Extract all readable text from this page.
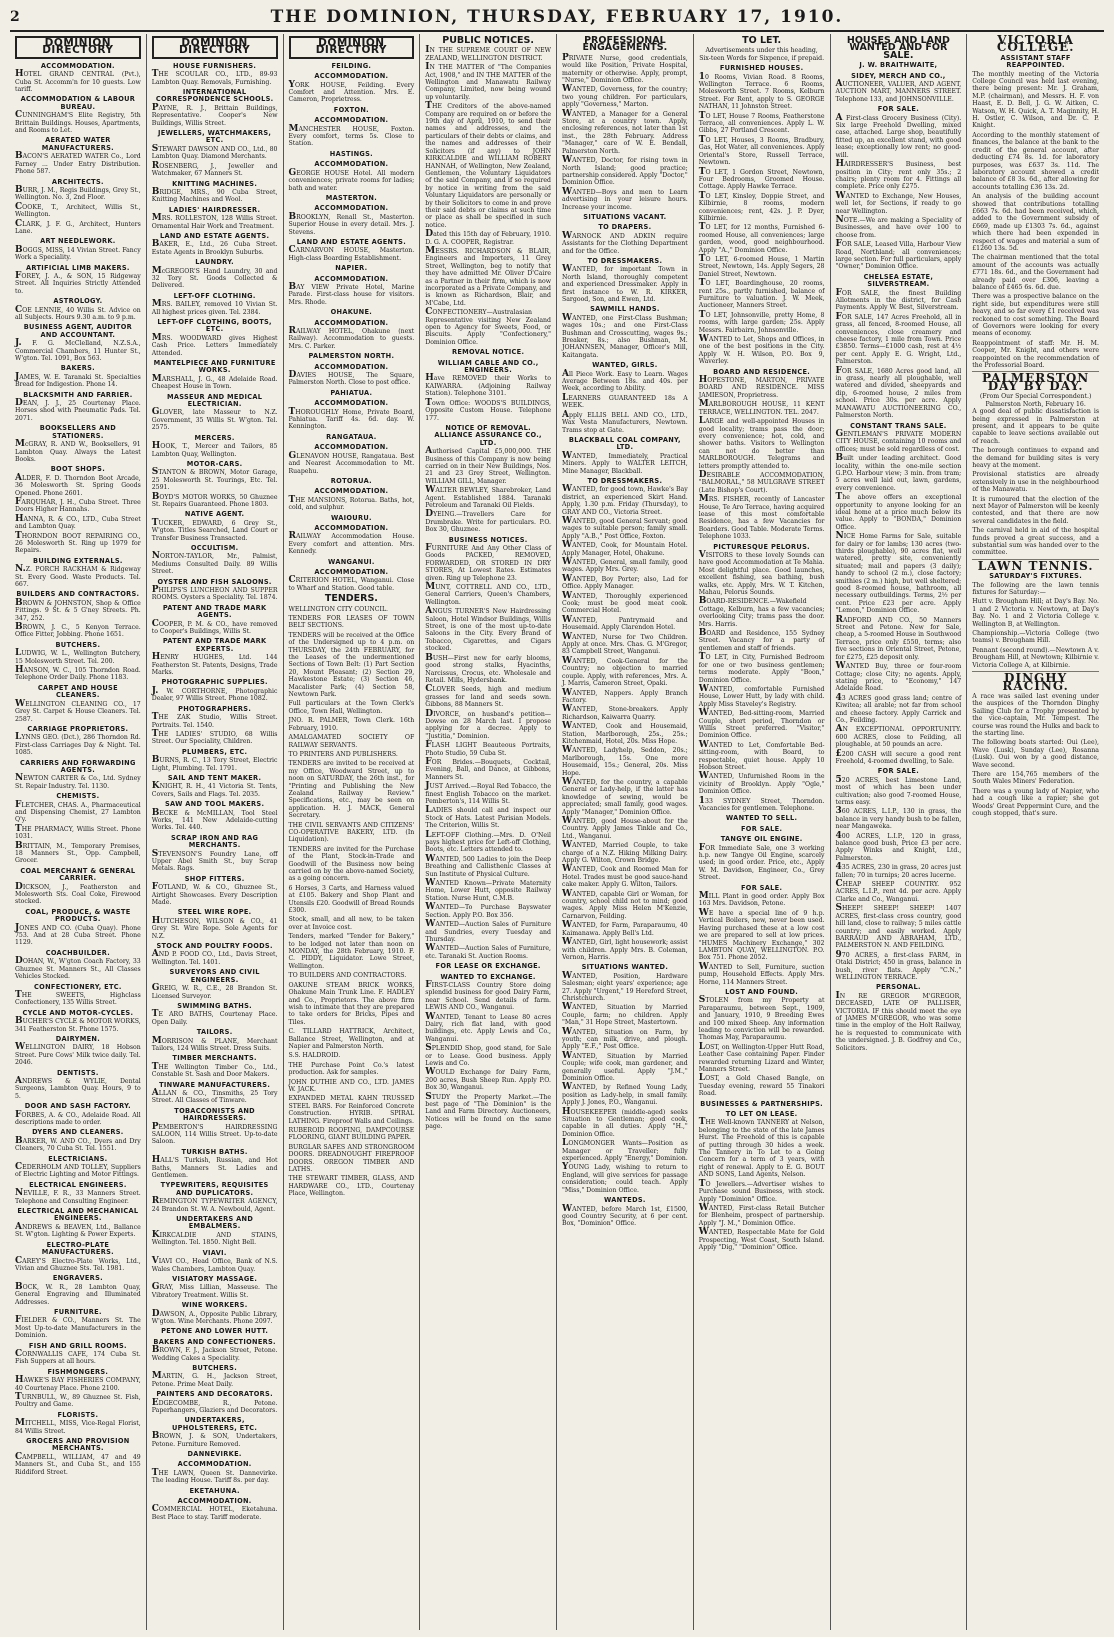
2	THE DOMINION, THURSDAY, FEBRUARY 17, 1910.
DOMINION DIRECTORY
ACCOMMODATION.
HOTEL GRAND CENTRAL (Pvt.), Cuba St. Accomm'n for 10 guests. Low tariff.
ACCOMMODATION & LABOUR BUREAU.
CUNNINGHAM'S Elite Registry, 5th Brittain Buildings. Houses, Apartments, and Rooms to Let.
AERATED WATER MANUFACTURERS.
BACON'S AERATED WATER Co., Lord Farney ... Under Entry Distribution. Phone 587.
ARCHITECTS.
BURR, J. M., Regis Buildings, Grey St., Wellington. No. 3, 2nd Floor.
COOKE, T., Architect, Willis St., Wellington.
CLARK, J. F. G., Architect, Hunters Lane.
ART NEEDLEWORK.
BOGGS, MISS, 14 Vivian Street. Fancy Work a Speciality.
ARTIFICIAL LIMB MAKERS.
FOREY, J. A., & SON, 15 Ridgeway Street. All Inquiries Strictly Attended to.
ASTROLOGY.
COE LENNIE, 40 Willis St. Advice on all Subjects. Hours 9.30 a.m. to 9 p.m.
BUSINESS AGENT, AUDITOR AND ACCOUNTANT.
J. F. G. McClelland, N.Z.S.A., Commercial Chambers, 11 Hunter St., W'gton. Tel. 1091, Box 563.
BAKERS.
JAMES, W. E. Taranaki St. Specialties Bread for Indigestion. Phone 14.
BLACKSMITH AND FARRIER.
DEAN, J. J., 25 Courtenay Place. Horses shod with Pneumatic Pads. Tel. 2071.
BOOKSELLERS AND STATIONERS.
McGRAY, R. AND W., Booksellers, 91 Lambton Quay. Always the Latest Books.
BOOT SHOPS.
ALDER, F. D. Thorndon Boot Arcade, 36 Molesworth St. Spring Goods Opened. Phone 2601.
FARQUHAR, J. H., Cuba Street. Three Doors Higher Hannahs.
HANNA, R. & CO., LTD., Cuba Street and Lambton Quay.
THORNDON BOOT REPAIRING CO., 26 Molesworth St. Ring up 1979 for Repairs.
BUILDING EXTERNALS.
N.Z. PORCH RACKHAM & Ridgeway St. Every Good. Waste Products. Tel. 667.
BUILDERS AND CONTRACTORS.
BROWN & JOHNSTON, Shop & Office Fittings. 9 St. & 5 G'ney Streets. Ph. 347, 252.
BROWN, J. C., 5 Kenyon Terrace. Office Fitter, Jobbing. Phone 1651.
BUTCHERS.
LUDWIG, W. L., Wellington Butchery, 15 Molesworth Street. Tel. 200.
HANSON, W. C., 105 Thorndon Road. Telephone Order Daily. Phone 1183.
CARPET AND HOUSE CLEANERS.
WELLINGTON CLEANING CO., 17 Grey St. Carpet & House Cleaners. Tel. 2587.
CARRIAGE PROPRIETORS.
LYNNS GEO. (Dct.), 286 Thorndon Rd. First-class Carriages Day & Night. Tel. 1085.
CARRIERS AND FORWARDING AGENTS.
NEWTON CARTER & Co., Ltd. Sydney St. Repair Industry. Tel. 1130.
CHEMISTS.
FLETCHER, CHAS. A., Pharmaceutical and Dispensing Chemist, 27 Lambton Q'y.
THE PHARMACY, Willis Street. Phone 1031.
BRITTAIN, M., Temporary Premises, 18 Manners St., Opp. Campbell, Grocer.
COAL MERCHANT & GENERAL CARRIER.
DICKSON, J., Featherston and Molesworth Sts. Coal Coke, Firewood stocked.
COAL, PRODUCE, & WASTE PRODUCTS.
JONES AND CO. (Cuba Quay). Phone 753. And at 28 Cuba Street. Phone 1129.
COACHBUILDER.
DOHAN, W., W'gton Coach Factory, 33 Ghuznee St. Manners St., All Classes Vehicles Stocked.
CONFECTIONERY, ETC.
THE SWEETS, Highclass Confectionery, 135 Willis Street.
CYCLE AND MOTOR-CYCLES.
BUCHER'S CYCLE & MOTOR WORKS, 341 Featherston St. Phone 1575.
DAIRYMEN.
WELLINGTON DAIRY, 18 Hobson Street. Pure Cows' Milk twice daily. Tel. 2046.
DENTISTS.
ANDREWS & WYLIE, Dental Surgeons, Lambton Quay. Hours, 9 to 5.
DOOR AND SASH FACTORY.
FORBES, A. & CO., Adelaide Road. All descriptions made to order.
DYERS AND CLEANERS.
BARKER, W. AND CO., Dyers and Dry Cleaners, 70 Cuba St. Tel. 1551.
ELECTRICIANS.
CEDERHOLM AND TOLLEY, Suppliers of Electric Lighting and Motor Fittings.
ELECTRICAL ENGINEERS.
NEVILLE, F. R., 33 Manners Street. Telephone and Consulting Engineer.
ELECTRICAL AND MECHANICAL ENGINEERS.
ANDREWS & BEAVEN, Ltd., Ballance St. W'gton. Lighting & Power Experts.
ELECTRO-PLATE MANUFACTURERS.
CAREY'S Electro-Plate Works, Ltd., Vivian and Ghuznee Sts. Tel. 1981.
ENGRAVERS.
BOCK, W. R., 28 Lambton Quay, General Engraving and Illuminated Addresses.
FURNITURE.
FIELDER & CO., Manners St. The Most Up-to-date Manufacturers in the Dominion.
FISH AND GRILL ROOMS.
CORNWALLIS CAFE, 174 Cuba St. Fish Suppers at all hours.
FISHMONGERS.
HAWKE'S BAY FISHERIES COMPANY, 40 Courtenay Place. Phone 2100.
TURNBULL, W., 89 Ghuznee St. Fish, Poultry and Game.
FLORISTS.
MITCHELL, MISS, Vice-Regal Florist, 84 Willis Street.
GROCERS AND PROVISION MERCHANTS.
CAMPBELL, WILLIAM, 47 and 49 Manners St., and Cuba St., and 155 Riddiford Street.
DOMINION DIRECTORY
HOUSE FURNISHERS.
THE SCOULAR CO., LTD., 89-93 Lambton Quay. Removals, Furnishing.
INTERNATIONAL CORRESPONDENCE SCHOOLS.
PAYNE, R. J., Brittain Buildings, Representative. Cooper's New Buildings, Willis Street.
JEWELLERS, WATCHMAKERS, ETC.
STEWART DAWSON AND CO., Ltd., 80 Lambton Quay. Diamond Merchants.
ROSENBERG, J., Jeweller and Watchmaker, 67 Manners St.
KNITTING MACHINES.
BRIDGE, MRS., 90 Cuba Street, Knitting Machines and Wool.
LADIES' HAIRDRESSER.
MRS. ROLLESTON, 128 Willis Street. Ornamental Hair Work and Treatment.
LAND AND ESTATE AGENTS.
BAKER, E., Ltd., 26 Cuba Street. Estate Agents in Brooklyn Suburbs.
LAUNDRY.
McGREGOR'S Hand Laundry, 30 and 32 Tory St. Goods Collected & Delivered.
LEFT-OFF CLOTHING.
MRS. BAILEY, removed 10 Vivian St. All highest prices given. Tel. 2384.
LEFT-OFF CLOTHING, BOOTS, ETC.
MRS. WOODWARD gives Highest Cash Price. Letters Immediately Attended.
MANTELPIECE AND FURNITURE WORKS.
MARSHALL, J. G., 48 Adelaide Road. Cheapest House in Town.
MASSEUR AND MEDICAL ELECTRICIAN.
GLOVER, late Masseur to N.Z. Government, 35 Willis St. W'gton. Tel. 2575.
MERCERS.
HOOK, T., Mercer and Tailors, 85 Lambton Quay, Wellington.
MOTOR-CARS.
STANTON & BROWN, Motor Garage, 25 Molesworth St. Tourings, Etc. Tel. 2591.
BOYD'S MOTOR WORKS, 50 Ghuznee St. Repairs Guaranteed. Phone 1803.
NATIVE AGENT.
TUCKER, EDWARD, 6 Grey St., W'gton. Titles Searched, Land Court or Transfer Business Transacted.
OCCULTISM.
NORTON-TAYLOR, Mr., Palmist, Mediums Consulted Daily. 89 Willis Street.
OYSTER AND FISH SALOONS.
PHILIPS'S LUNCHEON AND SUPPER ROOMS. Oysters a Speciality. Tel. 1874.
PATENT AND TRADE MARK AGENTS.
COOPER, P. M. & CO., have removed to Cooper's Buildings, Willis St.
PATENT AND TRADE MARK EXPERTS.
HENRY HUGHES, Ltd. 144 Featherston St. Patents, Designs, Trade Marks.
PHOTOGRAPHIC SUPPLIES.
J. W. CORTHORNE, Photographic Dealer, 97 Willis Street. Phone 1082.
PHOTOGRAPHERS.
THE ZAK Studio, Willis Street. Portraits. Tel. 1540.
THE LADIES' STUDIO, 68 Willis Street. Our Speciality, Children.
PLUMBERS, ETC.
BURNS, R. C., 13 Tory Street, Electric Light, Plumbing. Tel. 1791.
SAIL AND TENT MAKER.
KNIGHT, R. H., 41 Victoria St. Tents, Covers, Sails and Flags. Tel. 2035.
SAW AND TOOL MAKERS.
BECKE & McMILLAN, Tool Steel Works, 141 New Adelaide-cutting Works. Tel. 440.
SCRAP IRON AND RAG MERCHANTS.
STEVENSON'S Foundry Lane, off Upper Abel Smith St., buy Scrap Metals. Rags.
SHOP FITTERS.
FOTLAND, W. & CO., Ghuznee St., Airtight Showcases. Every Description Made.
STEEL WIRE ROPE.
HUTCHESON, WILSON & CO., 41 Grey St. Wire Rope. Sole Agents for N.Z.
STOCK AND POULTRY FOODS.
AND P. FOOD CO., Ltd., Davis Street, Wellington. Tel. 1401.
SURVEYORS AND CIVIL ENGINEERS.
GREIG, W. R., C.E., 28 Brandon St. Licensed Surveyor.
SWIMMING BATHS.
TE ARO BATHS, Courtenay Place. Open Daily.
TAILORS.
MORRISON & PLANE, Merchant Tailors, 124 Willis Street. Dress Suits.
TIMBER MERCHANTS.
THE Wellington Timber Co., Ltd., Constable St. Sash and Door Makers.
TINWARE MANUFACTURERS.
ALLAN & CO., Tinsmiths, 25 Tory Street. All Classes of Tinware.
TOBACCONISTS AND HAIRDRESSERS.
PEMBERTON'S HAIRDRESSING SALOON, 114 Willis Street. Up-to-date Saloon.
TURKISH BATHS.
HALL'S Turkish, Russian, and Hot Baths, Manners St. Ladies and Gentlemen.
TYPEWRITERS, REQUISITES AND DUPLICATORS.
REMINGTON TYPEWRITER AGENCY, 24 Brandon St. W. A. Newbould, Agent.
UNDERTAKERS AND EMBALMERS.
KIRKCALDIE AND STAINS, Wellington. Tel. 1850. Night Bell.
VIAVI.
VIAVI CO., Head Office, Bank of N.S. Wales Chambers, Lambton Quay.
VISIATORY MASSAGE.
GRAY, Miss Lillian, Masseuse. The Vibratory Treatment. Willis St.
WINE WORKERS.
DAWSON, A., Opposite Public Library, W'gton. Wine Merchants. Phone 2097.
PETONE AND LOWER HUTT.
BAKERS AND CONFECTIONERS.
BROWN, F. J., Jackson Street, Petone. Wedding Cakes a Speciality.
BUTCHERS.
MARTIN, G. H., Jackson Street, Petone. Prime Meat Daily.
PAINTERS AND DECORATORS.
EDGECOMBE, R., Petone. Paperhangers, Glaziers and Decorators.
UNDERTAKERS, UPHOLSTERERS, ETC.
BROWN, J. & SON, Undertakers, Petone. Furniture Removed.
DANNEVIRKE.
ACCOMMODATION.
THE LAWN, Queen St. Dannevirke. The leading House. Tariff 8s. per day.
EKETAHUNA.
ACCOMMODATION.
COMMERCIAL HOTEL, Eketahuna. Best Place to stay. Tariff moderate.
DOMINION DIRECTORY
FEILDING.
ACCOMMODATION.
YORK HOUSE, Feilding. Every Comfort and Attention. Mrs. E. Cameron, Proprietress.
FOXTON.
ACCOMMODATION.
MANCHESTER HOUSE, Foxton. Every comfort, terms 5s. Close to Station.
HASTINGS.
ACCOMMODATION.
GEORGE HOUSE Hotel. All modern conveniences; private rooms for ladies; bath and water.
MASTERTON.
ACCOMMODATION.
BROOKLYN, Renall St., Masterton. Superior House in every detail. Mrs. J. Stevens.
LAND AND ESTATE AGENTS.
CARNARVON HOUSE, Masterton. High-class Boarding Establishment.
NAPIER.
ACCOMMODATION.
BAY VIEW Private Hotel, Marine Parade. First-class house for visitors. Mrs. Rhode.
OHAKUNE.
ACCOMMODATION.
RAILWAY HOTEL, Ohakune (next Railway). Accommodation to guests. Mrs. C. Parker.
PALMERSTON NORTH.
ACCOMMODATION.
DAVIES HOUSE, The Square, Palmerston North. Close to post office.
PAHIATUA.
ACCOMMODATION.
THOROUGHLY Home, Private Board, Pahiatua. Tariff 4s. 6d. day. W. Kennington.
RANGATAUA.
ACCOMMODATION.
GLENAVON HOUSE, Rangataua. Best and Nearest Accommodation to Mt. Ruapehu.
ROTORUA.
ACCOMMODATION.
THE MANSIONS, Rotorua. Baths, hot, cold, and sulphur.
WAIOURU.
ACCOMMODATION.
RAILWAY Accommodation House. Every comfort and attention. Mrs. Kennedy.
WANGANUI.
ACCOMMODATION.
CRITERION HOTEL, Wanganui. Close to Wharf and Station. Good table.
TENDERS.
WELLINGTON CITY COUNCIL.
TENDERS FOR LEASES OF TOWN BELT SECTIONS.
TENDERS will be received at the Office of the Undersigned up to 4 p.m. on THURSDAY, the 24th FEBRUARY, for the Leases of the undermentioned Sections of Town Belt: (1) Part Section 20, Mount Pleasant; (2) Section 29, Hawkestone Estate; (3) Section 46, Macalister Park; (4) Section 58, Newtown Park.
Full particulars at the Town Clerk's Office, Town Hall, Wellington.
JNO. R. PALMER, Town Clerk. 16th February, 1910.
AMALGAMATED SOCIETY OF RAILWAY SERVANTS.
TO PRINTERS AND PUBLISHERS.
TENDERS are invited to be received at my Office, Woodward Street, up to noon on SATURDAY, the 26th inst., for "Printing and Publishing the New Zealand Railway Review." Specifications, etc., may be seen on application. H. J. MACK, General Secretary.
THE CIVIL SERVANTS AND CITIZENS' CO-OPERATIVE BAKERY, LTD. (In Liquidation).
TENDERS are invited for the Purchase of the Plant, Stock-in-Trade and Goodwill of the Business now being carried on by the above-named Society, as a going concern.
6 Horses, 3 Carts, and Harness valued at £105. Bakery and Shop Plant and Utensils £20. Goodwill of Bread Rounds £300.
Stock, small, and all new, to be taken over at Invoice cost.
Tenders, marked "Tender for Bakery," to be lodged not later than noon on MONDAY, the 28th February, 1910. F. C. PIDDY, Liquidator. Lowe Street, Wellington.
TO BUILDERS AND CONTRACTORS.
OAKUNE STEAM BRICK WORKS, Ohakune Main Trunk Line. F. HADLEY and Co., Proprietors. The above firm wish to intimate that they are prepared to take orders for Bricks, Pipes and Tiles.
C. TILLARD HATTRICK, Architect, Ballance Street, Wellington, and at Napier and Palmerston North.
S.S. HALDROID.
THE Purchase Point Co.'s latest production. Ask for samples.
JOHN DUTHIE AND CO., LTD. JAMES W. JACK.
EXPANDED METAL KAHN TRUSSED STEEL BARS. For Reinforced Concrete Construction. HYRIB. SPIRAL LATHING. Fireproof Walls and Ceilings.
RUBEROID ROOFING, DAMPCOURSE FLOORING, GIANT BUILDING PAPER.
BURGLAR SAFES AND STRONGROOM DOORS. DREADNOUGHT FIREPROOF DOORS. OREGON TIMBER AND LATHS.
THE STEWART TIMBER, GLASS, AND HARDWARE CO., LTD., Courtenay Place, Wellington.
PUBLIC NOTICES.
IN THE SUPREME COURT OF NEW ZEALAND, WELLINGTON DISTRICT.
IN THE MATTER of "The Companies Act, 1908," and IN THE MATTER of the Wellington and Manawatu Railway Company, Limited, now being wound up voluntarily.
THE Creditors of the above-named Company are required on or before the 19th day of April, 1910, to send their names and addresses, and the particulars of their debts or claims, and the names and addresses of their Solicitors (if any) to JOHN KIRKCALDIE and WILLIAM ROBERT HANNAH, of Wellington, New Zealand, Gentlemen, the Voluntary Liquidators of the said Company, and if so required by notice in writing from the said Voluntary Liquidators are personally or by their Solicitors to come in and prove their said debts or claims at such time or place as shall be specified in such notice.
Dated this 15th day of February, 1910. D. G. A. COOPER, Registrar.
MESSRS. RICHARDSON & BLAIR, Engineers and Importers, 11 Grey Street, Wellington, beg to notify that they have admitted Mr. Oliver D'Caire as a Partner in their firm, which is now incorporated as a Private Company, and is known as Richardson, Blair, and M'Cabe, Ltd.
CONFECTIONERY—Australasian Representative visiting New Zealand open to Agency for Sweets, Food, or Biscuits. Apply "Confectionery," Dominion Office.
REMOVAL NOTICE.
WILLIAM CABLE AND CO., ENGINEERS.
Have REMOVED their Works to KAIWARRA. (Adjoining Railway Station). Telephone 3101.
Town Office: WOODS'S BUILDINGS, Opposite Custom House. Telephone 177.
NOTICE OF REMOVAL. ALLIANCE ASSURANCE CO., LTD.
Authorised Capital £5,000,000. THE Business of this Company is now being carried on in their New Buildings, Nos. 21 and 23 Grey Street, Wellington. WILLIAM GILL, Manager.
WALTER BEWLEY, Sharebroker, Land Agent. Established 1884. Taranaki Petroleum and Taranaki Oil Fields.
DYEING.—Travellers Care for Drumbrake. Write for particulars. P.O. Box 30, Ghuznee.
BUSINESS NOTICES.
FURNITURE And Any Other Class of Goods PACKED, REMOVED, FORWARDED, OR STORED IN DRY STORES, At Lowest Rates. Estimates given. Ring up Telephone 23.
MUNT, COTTRELL AND CO., LTD., General Carriers, Queen's Chambers, Wellington.
ANGUS TURNER'S New Hairdressing Saloon, Hotel Windsor Buildings, Willis Street, is one of the most up-to-date Saloons in the City. Every Brand of Tobacco, Cigarettes, and Cigars stocked.
BUSH—First new for early blooms, good strong stalks, Hyacinths, Narcissus, Crocus, etc. Wholesale and Retail. Mills, Hydersbank.
CLOVER Seeds, high and medium grasses for land and seeds sown. Gibbons, 88 Manners St.
DIVORCE, on husband's petition—Dowse on 28 March last. I propose applying for a decree. Apply to "Justitia," Dominion.
FLASH LIGHT Beauteous Portraits, Photo Studio, 59 Cuba St.
FOR Brides.—Bouquets, Cocktail, Evening, Ball, and Dance, at Gibbons, Manners St.
JUST Arrived.—Royal Red Tobacco, the finest English Tobacco on the market. Pemberton's, 114 Willis St.
LADIES should call and inspect our Stock of Hats. Latest Parisian Models. The Criterion, Willis St.
LEFT-OFF Clothing.—Mrs. D. O'Neil pays highest price for Left-off Clothing, Boots, etc. Letters attended to.
WANTED, 500 Ladies to join the Deep Breathing and Callisthenic Classes at Sun Institute of Physical Culture.
WANTED Known—Private Maternity Home, Lower Hutt, opposite Railway Station. Nurse Hunt, C.M.B.
WANTED—To Purchase Bayswater Section. Apply P.O. Box 356.
WANTED—Auction Sales of Furniture and Sundries, every Tuesday and Thursday.
WANTED—Auction Sales of Furniture, etc. Taranaki St. Auction Rooms.
FOR LEASE OR EXCHANGE.
WANTED TO EXCHANGE.
FIRST-CLASS Country Store doing splendid business for good Dairy Farm, near School. Send details of farm. LEWIS AND CO., Wanganui.
WANTED, Tenant to Lease 80 acres Dairy, rich flat land, with good buildings, etc. Apply Lewis and Co., Wanganui.
SPLENDID Shop, good stand, for Sale or to Lease. Good business. Apply Lewis and Co.
WOULD Exchange for Dairy Farm, 200 acres, Bush Sheep Run. Apply P.O. Box 30, Wanganui.
STUDY the Property Market.—The best page of "The Dominion" is the Land and Farm Directory. Auctioneers, Notices will be found on the same page.
PROFESSIONAL ENGAGEMENTS.
PRIVATE Nurse, good credentials, would like Position, Private Hospital, maternity or otherwise. Apply, prompt, "Nurse," Dominion Office.
WANTED, Governess, for the country; two young children. For particulars, apply "Governess," Marton.
WANTED, a Manager for a General Store, at a country town. Apply, enclosing references, not later than 1st inst., the 28th February. Address "Manager," care of W. E. Bendall, Palmerston North.
WANTED, Doctor, for rising town in North Island; good practice; partnership considered. Apply "Doctor," Dominion Office.
WANTED—Boys and men to Learn advertising in your leisure hours. Increase your income.
SITUATIONS VACANT.
TO DRAPERS.
WARNOCK AND ADKIN require Assistants for the Clothing Department and for the Office.
TO DRESSMAKERS.
WANTED, for important Town in North Island, thoroughly competent and experienced Dressmaker. Apply in first instance to W. R. KIRKER, Sargood, Son, and Ewen, Ltd.
SAWMILL HANDS.
WANTED, one First-Class Bushman; wages 10s.; and one First-Class Bushman and Crosscutting, wages 9s.; Breaker, 8s.; also Bushman, M. JOHANNSEN, Manager, Officer's Mill, Kaitangata.
WANTED, GIRLS.
All Piece Work. Easy to Learn. Wages Average Between 18s. and 40s. per Week, according to Ability.
LEARNERS GUARANTEED 18s A WEEK.
Apply ELLIS BELL AND CO., LTD., Wax Vesta Manufacturers, Newtown. Trams stop at Gate.
BLACKBALL COAL COMPANY, LTD.
WANTED, Immediately, Practical Miners. Apply to WALTER LEITCH, Mine Manager, Blackball.
TO DRESSMAKERS.
WANTED, for good town, Hawke's Bay district, an experienced Skirt Hand. Apply, 1.30 p.m. Friday (Thursday), to GRAY AND CO., Victoria Street.
WANTED, good General Servant; good wages to suitable person; family small. Apply "A.B.," Post Office, Foxton.
WANTED, Cook, for Mountain Hotel. Apply Manager, Hotel, Ohakune.
WANTED, General, small family, good wages. Apply Mrs. Grey.
WANTED, Boy Porter; also, Lad for Office. Apply Manager.
WANTED, Thoroughly experienced Cook; must be good meat cook. Commercial Hotel.
WANTED, Pantrymaid and Housemaid. Apply Clarendon Hotel.
WANTED, Nurse for Two Children. Apply at once. Mrs. Chas. G. M'Gregor, 83 Campbell Street, Wanganui.
WANTED, Cook-General for the Country; no objection to married couple. Apply, with references, Mrs. A. J. Marris, Cameron Street, Opaki.
WANTED, Nappers. Apply Branch Factory.
WANTED, Stone-breakers. Apply Richardson, Kaiwarra Quarry.
WANTED, Cook and Housemaid, Station, Marlborough, 25s., 25s.; Kitchenmaid, Hotel, 20s. Miss Hope.
WANTED, Ladyhelp, Seddon, 20s.; Marlborough, 15s. One more Housemaid, 15s.; General, 20s. Miss Hope.
WANTED, for the country, a capable General or Lady-help, if the latter has knowledge of sewing, would be appreciated; small family, good wages. Apply "Manager," Dominion Office.
WANTED, good House-about for the Country. Apply James Tinkle and Co., Ltd., Wanganui.
WANTED, Married Couple, to take charge of a N.Z. Hiking Milking Dairy. Apply G. Wilton, Crown Bridge.
WANTED, Cook and Roomed Man for Hotel. Trades must be good sauce-hand cake maker. Apply G. Wilton, Tailors.
WANTED, capable Girl or Woman, for country, school child not to mind; good wages. Apply Miss Helen M'Kenzie, Carnarvon, Feilding.
WANTED, for Farm, Paraparaumu, 40 Kaimanawa. Apply Bell's Ltd.
WANTED, Girl, light housework; assist with children. Apply Mrs. B. Coleman, Vernon, Harris.
SITUATIONS WANTED.
WANTED, Position, Hardware Salesman; eight years' experience; age 27. Apply "Urgent," 19 Hereford Street, Christchurch.
WANTED, Situation by Married Couple, farm; no children. Apply "Man," 31 Hope Street, Mastertown.
WANTED, Situation on Farm, by youth; can milk, drive, and plough. Apply "E.F.," Post Office.
WANTED, Situation by Married Couple; wife cook, man gardener, and generally useful. Apply "J.M.," Dominion Office.
WANTED, by Refined Young Lady, position as Lady-help, in small family. Apply J. Jones, P.O., Wanganui.
HOUSEKEEPER (middle-aged) seeks Situation to Gentleman; good cook, capable in all duties. Apply "H.," Dominion Office.
LONGMONGER Wants—Position as Manager or Traveller; fully experienced. Apply "Energy," Dominion.
YOUNG Lady, wishing to return to England, will give services for passage consideration; could teach. Apply "Miss," Dominion Office.
WANTEDS.
WANTED, before March 1st, £1500, good Country Security, at 6 per cent. Box, "Dominion" Office.
TO LET.
Advertisements under this heading, Six-teen Words for Sixpence, if prepaid.
FURNISHED HOUSES.
10 Rooms, Vivian Road. 8 Rooms, Wellington Terrace. 6 Rooms, Molesworth Street. 7 Rooms, Kelburn Street. For Rent, apply to S. GEORGE NATHAN, 11 Johnston Street.
TO LET, House 7 Rooms, Featherstone Terrace, all conveniences. Apply L. W. Gibbs, 27 Portland Crescent.
TO LET, Houses, 3 Rooms, Bradbury, Gas, Hot Water, all conveniences. Apply Oriental's Store, Russell Terrace, Newtown.
TO LET, 1 Gordon Street, Newtown, Four Bedrooms, Groomed House. Cottage. Apply Hawke Terrace.
TO LET, Kinsley, Doppie Street, and Kilbirnie, 8 rooms, modern conveniences; rent, 42s. J. P. Dyer, Kilbirnie.
TO LET, for 12 months, Furnished 6-roomed House, all conveniences; large garden, wood, good neighbourhood. Apply "A.," Dominion Office.
TO LET, 6-roomed House, 1 Martin Street, Newtown, 14s. Apply Segers, 28 Daniel Street, Newtown.
TO LET, Boardinghouse, 20 rooms, rent 25s., partly furnished, balance of Furniture to valuation. J. W. Meek, Auctioneer, Manners Street.
TO LET, Johnsonville, pretty Home, 8 rooms, with large garden; 25s. Apply Messrs. Fairbairn, Johnsonville.
WANTED to Let, Shops and Offices, in one of the best positions in the City. Apply W. H. Wilson, P.O. Box 9, Waverley.
BOARD AND RESIDENCE.
HOPESTONE, MARTON, PRIVATE BOARD AND RESIDENCE. MISS JAMIESON, Proprietress.
MARLBOROUGH HOUSE, 11 KENT TERRACE, WELLINGTON. TEL. 2047.
LARGE and well-appointed Houses in good locality; trams pass the door; every convenience; hot, cold, and shower baths. Visitors to Wellington can not do better than MARLBOROUGH. Telegrams and letters promptly attended to.
DESIRABLE ACCOMMODATION, "BALMORAL," 58 MULGRAVE STREET (Late Bishop's Court).
MRS. FISHER, recently of Lancaster House, Te Aro Terrace, having acquired lease of this most comfortable Residence, has a few Vacancies for Boarders. Good Table. Moderate Terms. Telephone 1033.
PICTURESQUE PELORUS.
VISITORS to these lovely Sounds can have good Accommodation at Te Mahia. Most delightful place. Good launches, excellent fishing, sea bathing, bush walks, etc. Apply, Mrs. W. T. Kitchen, Mahau, Pelorus Sounds.
BOARD-RESIDENCE.—Wakefield Cottage, Kelburn, has a few vacancies; overlooking City; trams pass the door. Mrs. Harris.
BOARD and Residence, 155 Sydney Street. Vacancy for a party of gentlemen and staff of friends.
TO LET, in City, Furnished Bedroom for one or two business gentlemen; terms moderate. Apply "Boon," Dominion Office.
WANTED, comfortable Furnished House, Lower Hutt, by lady with child. Apply Miss Staveley's Registry.
WANTED, Bed-sitting-room, Married Couple, short period, Thorndon or Willis Street preferred. "Visitor," Dominion Office.
WANTED to Let, Comfortable Bed-sitting-room, with Board, to respectable, quiet house. Apply 10 Hobson Street.
WANTED, Unfurnished Room in the vicinity of Brooklyn. Apply "Ogle," Dominion Office.
133 SYDNEY Street, Thorndon. Vacancies for gentlemen. Telephone.
WANTED TO SELL.
FOR SALE.
TANGYE OIL ENGINE.
FOR Immediate Sale, one 3 working h.p. new Tangye Oil Engine, scarcely used; in good order. Price, etc., Apply W. M. Davidson, Engineer, Co., Grey Street.
FOR SALE.
MILL Plant in good order. Apply Box 163 Mrs. Davidson, Petone.
WE have a special line of 9 h.p. Vertical Boilers, new, never been used. Having purchased these at a low cost we are prepared to sell at low prices. "HUMES Machinery Exchange," 302 LAMBTON QUAY, WELLINGTON. P.O. Box 751. Phone 2052.
WANTED to Sell, Furniture, suction pump, Household Effects. Apply Mrs. Horne, 114 Manners Street.
LOST AND FOUND.
STOLEN from my Property at Paraparaumu, between Sept., 1909, and January, 1910, 9 Breeding Ewes and 100 mixed Sheep. Any information leading to conviction will be rewarded. Thomas May, Paraparaumu.
LOST, on Wellington-Upper Hutt Road, Leather Case containing Paper. Finder rewarded returning Lizard and Winter, Manners Street.
LOST, a Gold Chased Bangle, on Tuesday evening, reward 55 Tinakori Road.
BUSINESSES & PARTNERSHIPS.
TO LET ON LEASE.
THE Well-known TANNERY at Nelson, belonging to the state of the late James Hurst. The Freehold of this is capable of putting through 30 hides a week. The Tannery in To Let to a Going Concern for a term of 3 years, with right of renewal. Apply to E. G. BOUT AND SONS, Land Agents, Nelson.
TO Jewellers.—Advertiser wishes to Purchase sound Business, with stock. Apply "Dominion" Office.
WANTED, First-class Retail Butcher for Blenheim, prospect of partnership. Apply "J. M.," Dominion Office.
WANTED, Respectable Mate for Gold Prospecting, West Coast, South Island. Apply "Dig," "Dominion" Office.
HOUSES AND LAND WANTED AND FOR SALE.
J. W. BRAITHWAITE,
SIDEY, MERCH AND CO.,
AUCTIONEER, VALUER, AND AGENT, AUCTION MART, MANNERS STREET. Telephone 133, and JOHNSONVILLE.
FOR SALE.
A First-class Grocery Business (City). Six large Freehold Dwelling, mixed case, attached. Large shop, beautifully fitted up, an excellent stand, with good lease; exceptionally low rent; no good-will.
HAIRDRESSER'S Business, best position in City; rent only 35s.; 2 chairs; plenty room for 4. Fittings all complete. Price only £275.
WANTED to Exchange, New Houses, well let, for Sections, if ready to go near Wellington.
NOTE.—We are making a Speciality of Businesses, and have over 100 to choose from.
FOR SALE, Leased Villa, Harbour View Road, Northland; all conveniences; large section. For full particulars, apply "Owner," Dominion Office.
CHELSEA ESTATE, SILVERSTREAM.
FOR SALE, the finest Building Allotments in the district, for Cash Payments. Apply W. Best, Silverstream.
FOR SALE, 147 Acres Freehold, all in grass, all fenced, 8-roomed House, all conveniences, close creamery and cheese factory, 1 mile from Town. Price £3850. Terms—£1000 cash, rest at 4½ per cent. Apply E. G. Wright, Ltd., Palmerston.
FOR SALE, 1680 Acres good land, all in grass, nearly all ploughable, well watered and divided, sheepyards and dip, 6-roomed house, 2 miles from school. Price 30s. per acre. Apply MANAWATU AUCTIONEERING CO., Palmerston North.
CONSTANT TRANS SALE.
GENTLEMAN'S PRIVATE MODERN CITY HOUSE, containing 10 rooms and offices; must be sold regardless of cost.
Built under leading architect. Good locality, within the one-mile section G.P.O. Harbour view; 3 min. from tram; 5 acres well laid out, lawn, gardens, every convenience.
The above offers an exceptional opportunity to anyone looking for an ideal home at a price much below its value. Apply to "BONDA," Dominion Office.
NICE Home Farms for Sale, suitable for dairy or for lambs; 130 acres (two-thirds ploughable), 90 acres flat, well watered, pretty site, conveniently situated; mail and papers (3 daily); handy to school (2 m.), close factory; smithies (2 m.) high, but well sheltered; good 8-roomed house, bathroom, all necessary outbuildings. Terms, 2½ per cent. Price £23 per acre. Apply "Lemon," Dominion Office.
RADFORD AND CO., 50 Manners Street and Petone. New for Sale, cheap, a 5-roomed House in Southwood Terrace, price only £550, terms; also five sections in Oriental Street, Petone, for £275, £25 deposit only.
WANTED Buy, three or four-room Cottage; close City; no agents. Apply, stating price, to "Economy," 147 Adelaide Road.
43 ACRES good grass land; centre of Kiwitea; all arable; not far from school and cheese factory. Apply Carrick and Co., Feilding.
AN EXCEPTIONAL OPPORTUNITY. 600 ACRES, close to Feilding, all ploughable, at 50 pounds an acre.
£200 CASH will secure a good rent Freehold, 4-roomed dwelling, to Sale.
FOR SALE.
520 ACRES, best Limestone Land, most of which has been under cultivation; also good 7-roomed House, terms easy.
360 ACRES, L.I.P., 130 in grass, the balance in very handy bush to be fallen, near Mangaweka.
400 ACRES, L.I.P., 120 in grass, balance good bush, Price £3 per acre. Apply Winks and Knight, Ltd., Palmerston.
435 ACRES, 230 in grass, 20 acres just fallen; 70 in turnips; 20 acres lucerne.
CHEAP SHEEP COUNTRY. 952 ACRES, L.I.P., rent 4d. per acre. Apply Clarke and Co., Wanganui.
SHEEP! SHEEP! SHEEP! 1407 ACRES, first-class cross country, good hill land, close to railway; 5 miles cattle country; and easily worked. Apply BARRAUD AND ABRAHAM, LTD., PALMERSTON N. AND FEILDING.
970 ACRES, a first-class FARM, in Otaki District; 450 in grass, balance in bush, river flats. Apply "C.N.," WELLINGTON TERRACE.
PERSONAL.
IN RE GREGOR M'GREGOR, DECEASED, LATE OF PALLISER, VICTORIA. IF this should meet the eye of JAMES M'GREGOR, who was some time in the employ of the Holt Railway, he is requested to communicate with the undersigned. J. B. Godfrey and Co., Solicitors.
VICTORIA COLLEGE.
ASSISTANT STAFF REAPPOINTED.
The monthly meeting of the Victoria College Council was held last evening, there being present: Mr. J. Graham, M.P. (chairman), and Messrs. H. F. von Haast, E. D. Bell, J. G. W. Aitken, C. Watson, W. H. Quick, A. T. Maginnity, H. H. Ostler, C. Wilson, and Dr. C. P. Knight.
According to the monthly statement of finances, the balance at the bank to the credit of the general account, after deducting £74 8s. 1d. for laboratory purposes, was £637 3s. 11d. The laboratory account showed a credit balance of £8 3s. 6d., after allowing for accounts totalling £36 13s. 2d.
An analysis of the building account showed that contributions totalling £663 7s. 6d. had been received, which, added to the Government subsidy of £669, made up £1303 7s. 6d., against which there had been expended in respect of wages and material a sum of £1260 13s. 5d.
The chairman mentioned that the total amount of the accounts was actually £771 18s. 6d., and the Government had already paid over £306, leaving a balance of £465 6s. 6d. due.
There was a prospective balance on the right side, but expenditures were still heavy, and so far every £1 received was reckoned to cost something. The Board of Governors were looking for every means of economy.
Reappointment of staff: Mr. H. M. Cooper, Mr. Knight, and others were reappointed on the recommendation of the Professorial Board.
PALMERSTON DAY BY DAY.
(From Our Special Correspondent.) Palmerston North, February 16.
A good deal of public dissatisfaction is being expressed in Palmerston at present, and it appears to be quite capable to leave sections available out of reach.
The borough continues to expand and the demand for building sites is very heavy at the moment.
Provisional statistics are already extensively in use in the neighbourhood of the Manawatu.
It is rumoured that the election of the next Mayor of Palmerston will be keenly contested, and that there are now several candidates in the field.
The carnival held in aid of the hospital funds proved a great success, and a substantial sum was handed over to the committee.
LAWN TENNIS.
SATURDAY'S FIXTURES.
The following are the lawn tennis fixtures for Saturday:—
Hutt v. Brougham Hill; at Day's Bay. No. 1 and 2 Victoria v. Newtown, at Day's Bay. No. 1 and 2 Victoria College v. Wellington B, at Wellington.
Championship.—Victoria College (two teams) v. Brougham Hill.
Pennant (second round).—Newtown A v. Brougham Hill, at Newtown; Kilbirnie v. Victoria College A, at Kilbirnie.
DINGHY RACING.
A race was sailed last evening under the auspices of the Thorndon Dinghy Sailing Club for a Trophy presented by the vice-captain, Mr. Tempest. The course was round the Hulks and back to the starting line.
The following boats started: Oui (Lee), Wave (Lusk), Sunday (Lee), Rosanna (Lusk). Oui won by a good distance, Wave second.
There are 154,765 members of the South Wales Miners' Federation.
There was a young lady of Napier, who had a cough like a rapier; she got Woods' Great Peppermint Cure, and the cough stopped, that's sure.
